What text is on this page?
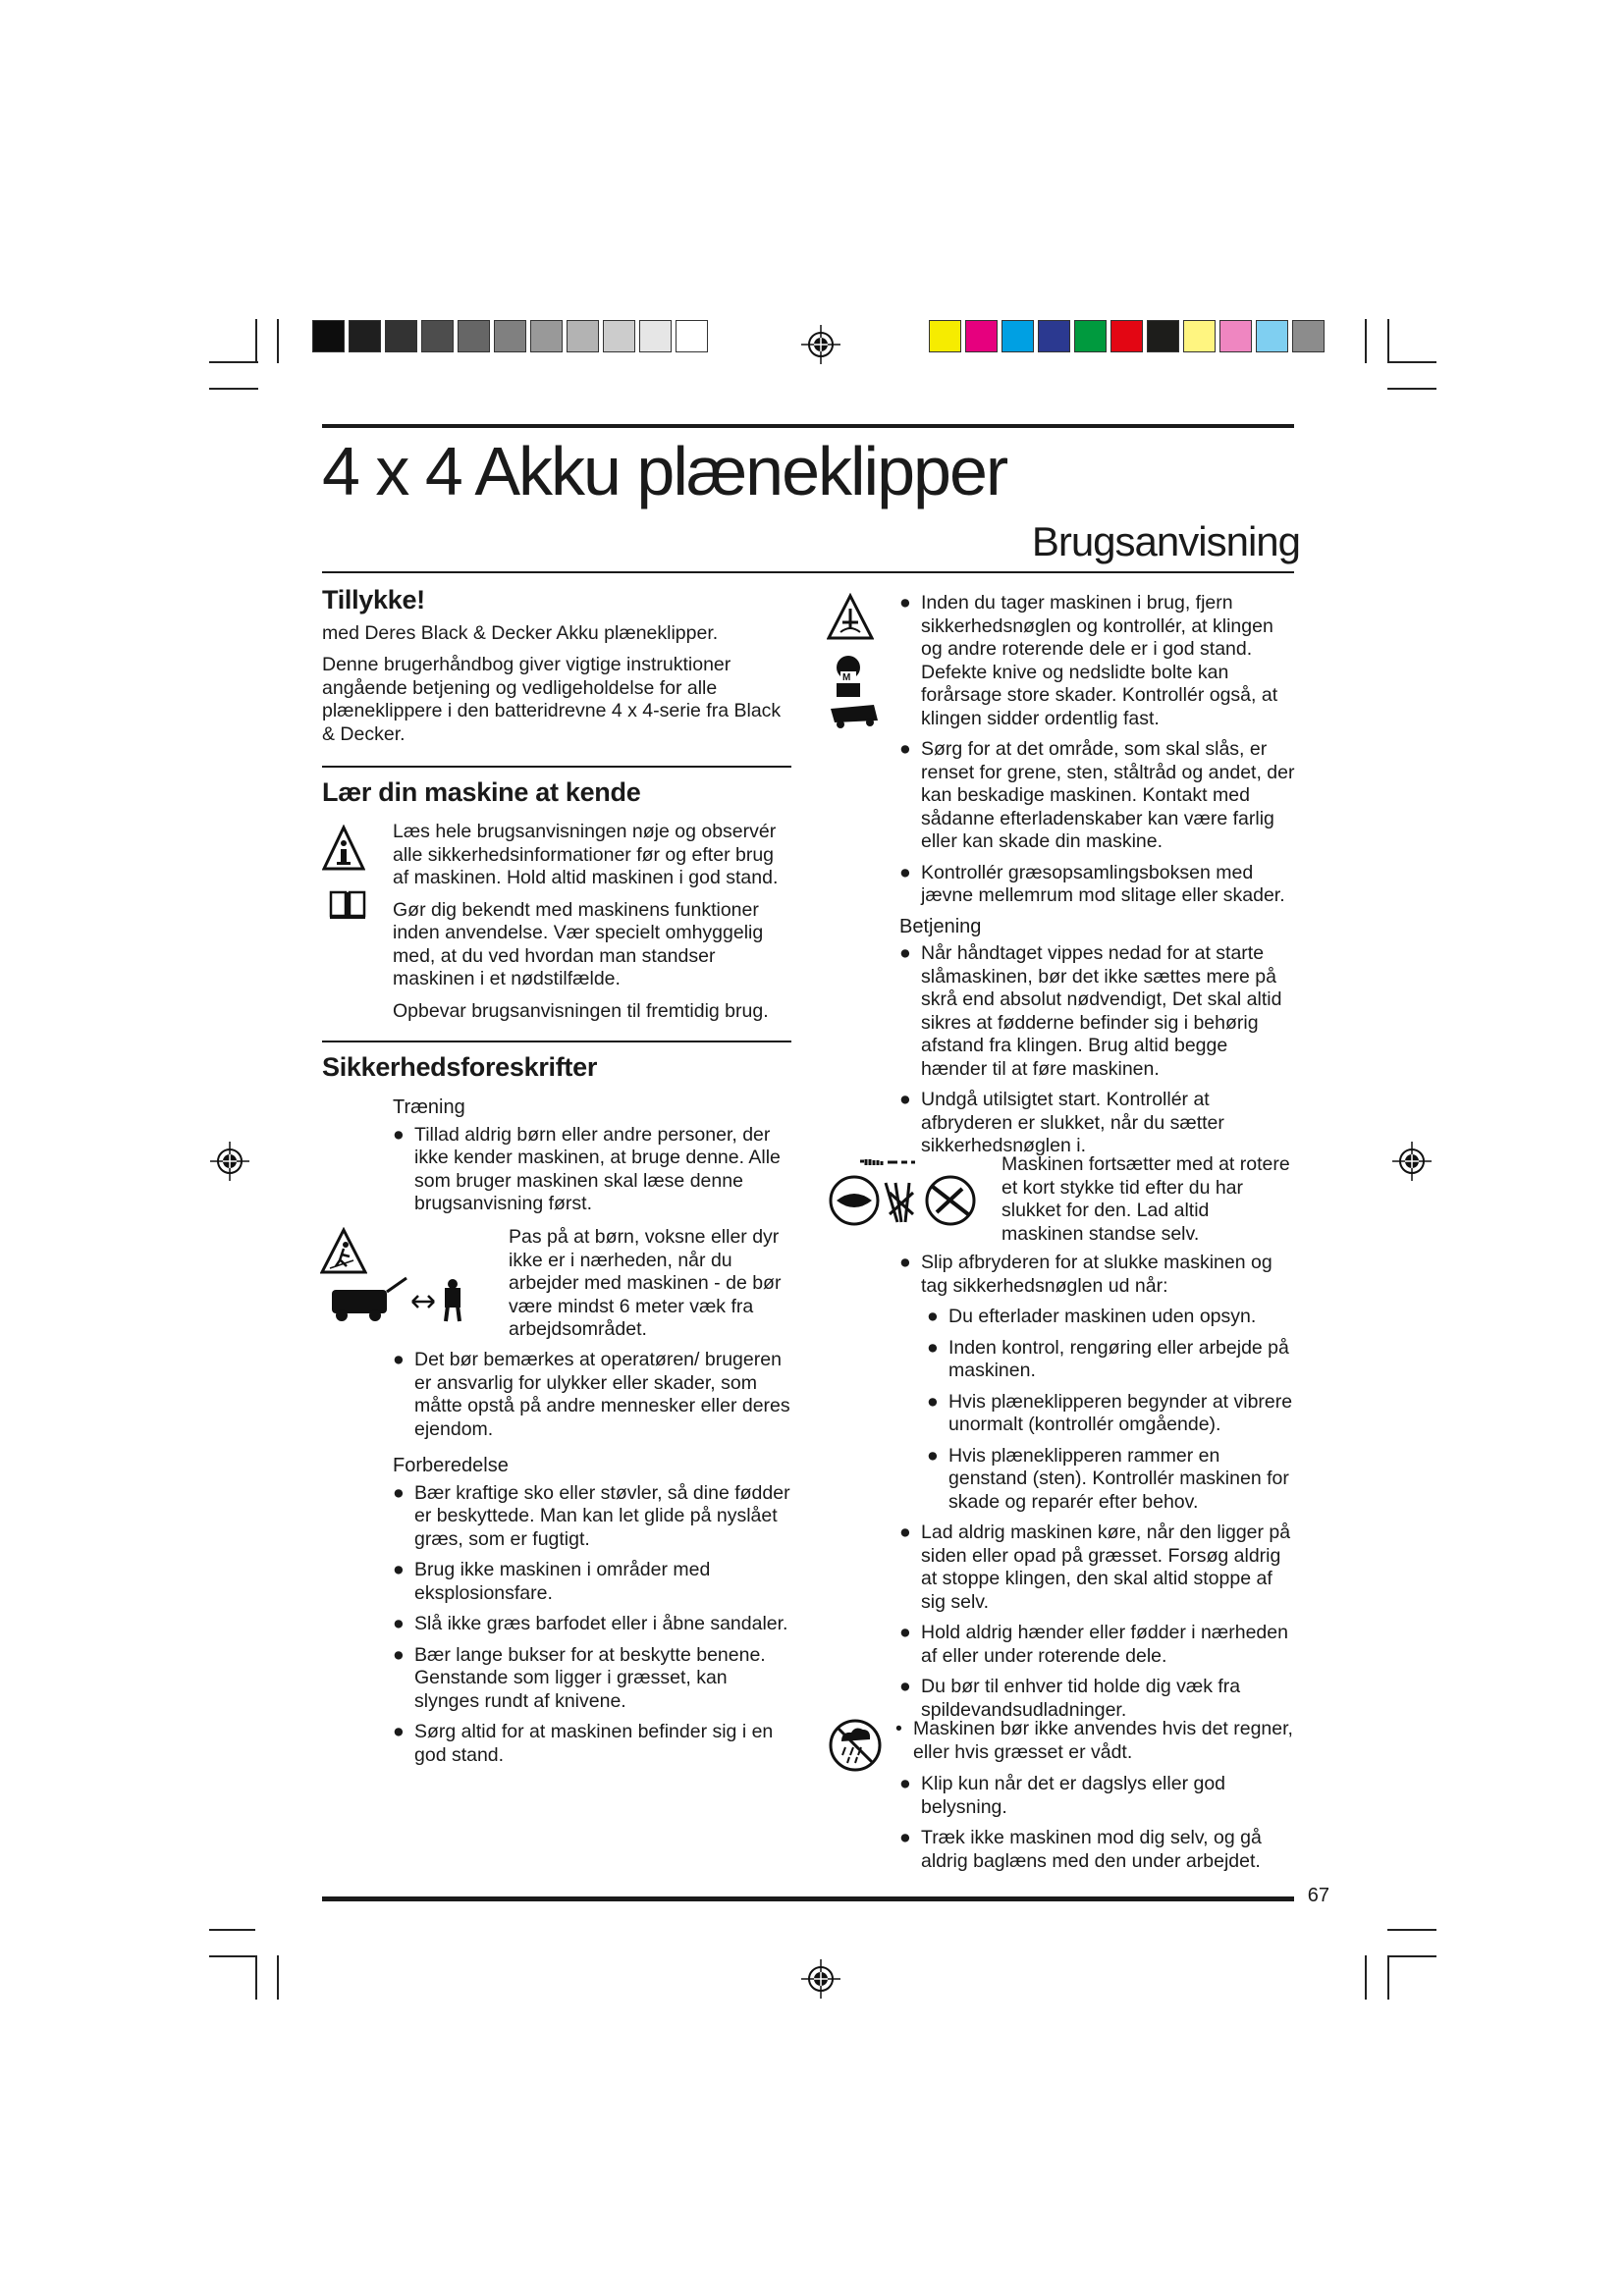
4 x 4 Akku plæneklipper
Brugsanvisning
Tillykke!

med Deres Black & Decker Akku plæneklipper.

Denne brugerhåndbog giver vigtige instruktioner angående betjening og vedligeholdelse for alle plæneklippere i den batteridrevne 4 x 4-serie fra Black & Decker.

Lær din maskine at kende

Læs hele brugsanvisningen nøje og observér alle sikkerhedsinformationer før og efter brug af maskinen. Hold altid maskinen i god stand.

Gør dig bekendt med maskinens funktioner inden anvendelse. Vær specielt omhyggelig med, at du ved hvordan man standser maskinen i et nødstilfælde.

Opbevar brugsanvisningen til fremtidig brug.

Sikkerhedsforeskrifter
Træning
● Tillad aldrig børn eller andre personer, der ikke kender maskinen, at bruge denne. Alle som bruger maskinen skal læse denne brugsanvisning først.

Pas på at børn, voksne eller dyr ikke er i nærheden, når du arbejder med maskinen - de bør være mindst 6 meter væk fra arbejdsområdet.

● Det bør bemærkes at operatøren/ brugeren er ansvarlig for ulykker eller skader, som måtte opstå på andre mennesker eller deres ejendom.
Forberedelse
● Bær kraftige sko eller støvler, så dine fødder er beskyttede. Man kan let glide på nyslået græs, som er fugtigt.
● Brug ikke maskinen i områder med eksplosionsfare.
● Slå ikke græs barfodet eller i åbne sandaler.
● Bær lange bukser for at beskytte benene. Genstande som ligger i græsset, kan slynges rundt af knivene.
● Sørg altid for at maskinen befinder sig i en god stand.
M
● Inden du tager maskinen i brug, fjern sikkerhedsnøglen og kontrollér, at klingen og andre roterende dele er i god stand. Defekte knive og nedslidte bolte kan forårsage store skader. Kontrollér også, at klingen sidder ordentlig fast.
● Sørg for at det område, som skal slås, er renset for grene, sten, ståltråd og andet, der kan beskadige maskinen. Kontakt med sådanne efterladenskaber kan være farlig eller kan skade din maskine.
● Kontrollér græsopsamlingsboksen med jævne mellemrum mod slitage eller skader.
Betjening
● Når håndtaget vippes nedad for at starte slåmaskinen, bør det ikke sættes mere på skrå end absolut nødvendigt, Det skal altid sikres at fødderne befinder sig i behørig afstand fra klingen. Brug altid begge hænder til at føre maskinen.
● Undgå utilsigtet start. Kontrollér at afbryderen er slukket, når du sætter sikkerhedsnøglen i.

Maskinen fortsætter med at rotere et kort stykke tid efter du har slukket for den. Lad altid maskinen standse selv.

● Slip afbryderen for at slukke maskinen og tag sikkerhedsnøglen ud når:
● Du efterlader maskinen uden opsyn.
● Inden kontrol, rengøring eller arbejde på maskinen.
● Hvis plæneklipperen begynder at vibrere unormalt (kontrollér omgående).
● Hvis plæneklipperen rammer en genstand (sten). Kontrollér maskinen for skade og reparér efter behov.
● Lad aldrig maskinen køre, når den ligger på siden eller opad på græsset. Forsøg aldrig at stoppe klingen, den skal altid stoppe af sig selv.
● Hold aldrig hænder eller fødder i nærheden af eller under roterende dele.
● Du bør til enhver tid holde dig væk fra spildevandsudladninger.
• Maskinen bør ikke anvendes hvis det regner, eller hvis græsset er vådt.
● Klip kun når det er dagslys eller god belysning.
● Træk ikke maskinen mod dig selv, og gå aldrig baglæns med den under arbejdet.
67
